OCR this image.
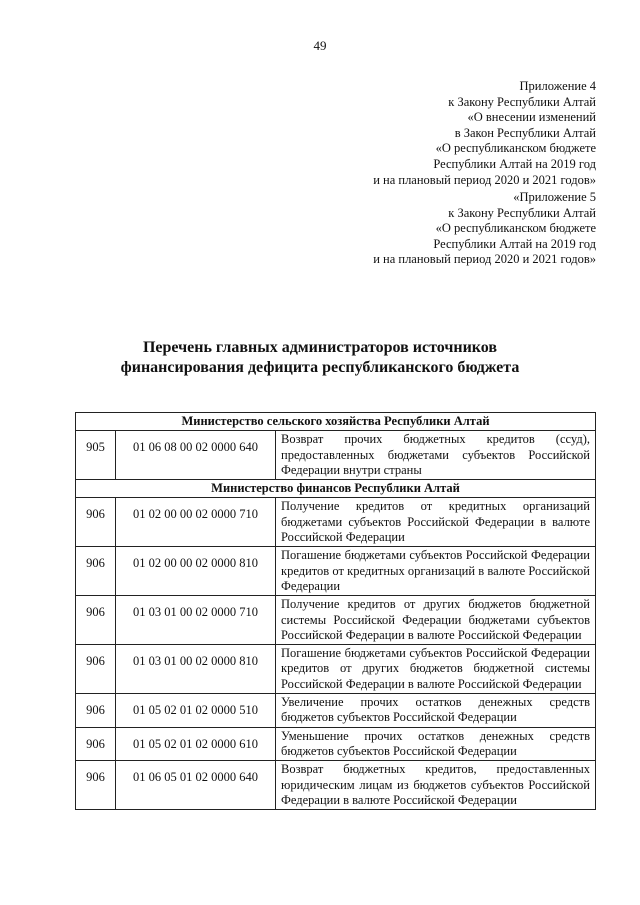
49
Приложение 4
к Закону Республики Алтай
«О внесении изменений
в Закон Республики Алтай
«О республиканском бюджете
Республики Алтай на 2019 год
и на плановый период 2020 и 2021 годов»
«Приложение 5
к Закону Республики Алтай
«О республиканском бюджете
Республики Алтай на 2019 год
и на плановый период 2020 и 2021 годов»
Перечень главных администраторов источников
финансирования дефицита республиканского бюджета
Министерство сельского хозяйства Республики Алтай		
905	01 06 08 00 02 0000 640	Возврат прочих бюджетных кредитов (ссуд), предоставленных бюджетами субъектов Российской Федерации внутри страны
Министерство финансов Республики Алтай		
906	01 02 00 00 02 0000 710	Получение кредитов от кредитных организаций бюджетами субъектов Российской Федерации в валюте Российской Федерации
906	01 02 00 00 02 0000 810	Погашение бюджетами субъектов Российской Федерации кредитов от кредитных организаций в валюте Российской Федерации
906	01 03 01 00 02 0000 710	Получение кредитов от других бюджетов бюджетной системы Российской Федерации бюджетами субъектов Российской Федерации в валюте Российской Федерации
906	01 03 01 00 02 0000 810	Погашение бюджетами субъектов Российской Федерации кредитов от других бюджетов бюджетной системы Российской Федерации в валюте Российской Федерации
906	01 05 02 01 02 0000 510	Увеличение прочих остатков денежных средств бюджетов субъектов Российской Федерации
906	01 05 02 01 02 0000 610	Уменьшение прочих остатков денежных средств бюджетов субъектов Российской Федерации
906	01 06 05 01 02 0000 640	Возврат бюджетных кредитов, предоставленных юридическим лицам из бюджетов субъектов Российской Федерации в валюте Российской Федерации
